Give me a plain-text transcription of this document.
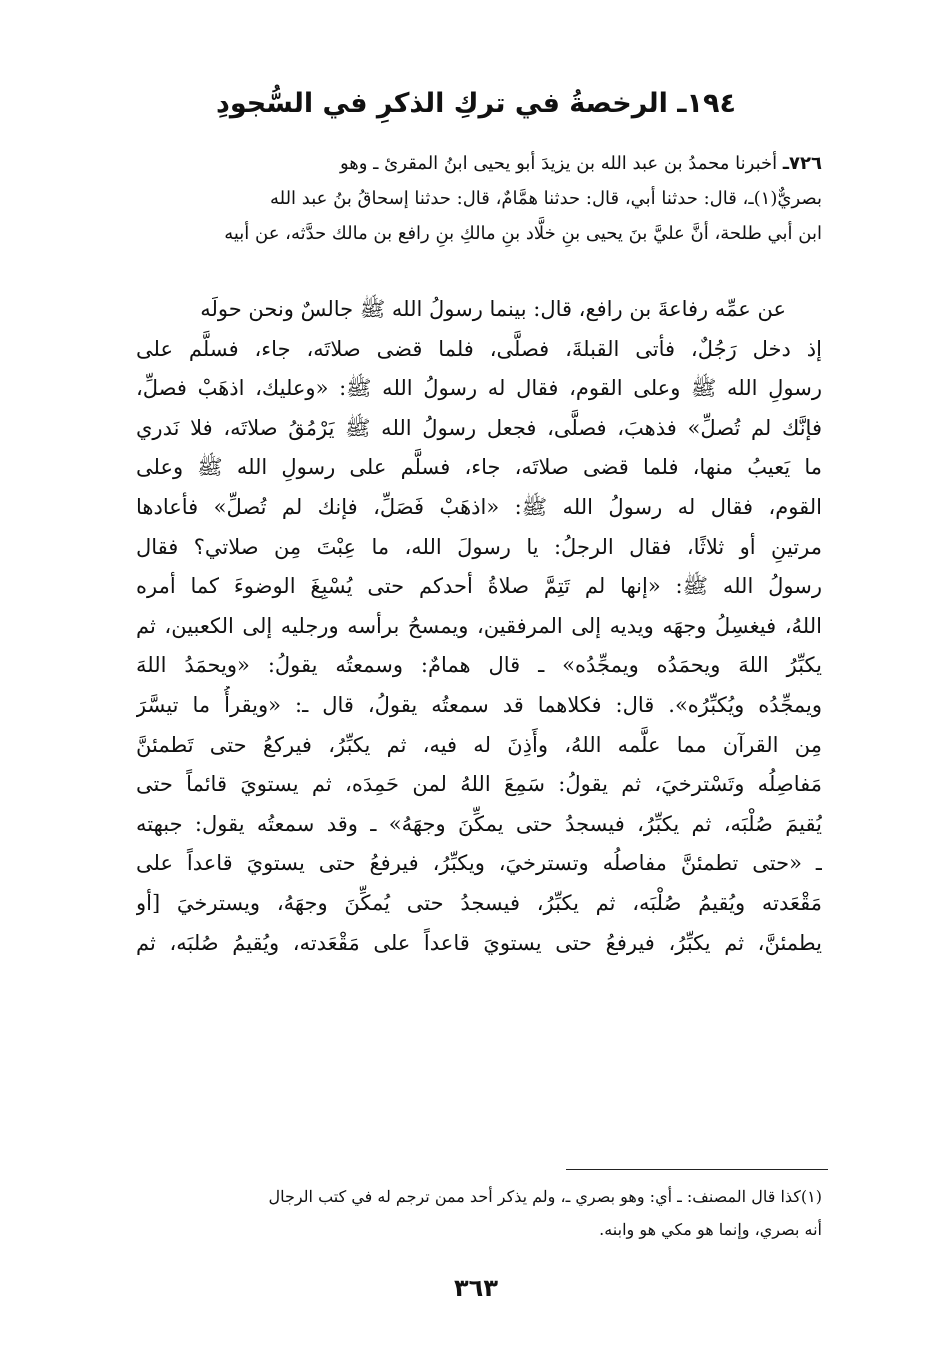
١٩٤ـ الرخصةُ في تركِ الذكرِ في السُّجودِ
٧٢٦ـ أخبرنا محمدُ بن عبد الله بن يزيدَ أبو يحيى ابنُ المقرئ ـ وهو
بصريٌّ(١)ـ، قال: حدثنا أبي، قال: حدثنا همَّامٌ، قال: حدثنا إسحاقُ بنُ عبد الله
ابن أبي طلحة، أنَّ عليَّ بنَ يحيى بنِ خلَّاد بنِ مالكِ بنِ رافع بن مالك حدَّثه، عن أبيه
عن عمِّه رفاعةَ بن رافع، قال: بينما رسولُ الله ﷺ جالسٌ ونحن حولَه
إذ دخل رَجُلٌ، فأتى القبلةَ، فصلَّى، فلما قضى صلاتَه، جاء، فسلَّم على
رسولِ الله ﷺ وعلى القوم، فقال له رسولُ الله ﷺ: «وعليك، اذهَبْ فصلِّ،
فإنَّك لم تُصلِّ» فذهبَ، فصلَّى، فجعل رسولُ الله ﷺ يَرْمُقُ صلاتَه، فلا نَدري
ما يَعيبُ منها، فلما قضى صلاتَه، جاء، فسلَّم على رسولِ الله ﷺ وعلى
القوم، فقال له رسولُ الله ﷺ: «اذهَبْ فَصَلِّ، فإنك لم تُصلِّ» فأعادها
مرتينِ أو ثلاثًا، فقال الرجلُ: يا رسولَ الله، ما عِبْتَ مِن صلاتي؟ فقال
رسولُ الله ﷺ: «إنها لم تَتِمَّ صلاةُ أحدكم حتى يُسْبِغَ الوضوءَ كما أمره
اللهُ، فيغسِلُ وجهَه ويديه إلى المرفقين، ويمسحُ برأسه ورجليه إلى الكعبين، ثم
يكبِّرُ اللهَ ويحمَدُه ويمجِّدُه» ـ قال همامٌ: وسمعتُه يقولُ: «ويحمَدُ اللهَ
ويمجِّدُه ويُكبِّرُه». قال: فكلاهما قد سمعتُه يقولُ، قال ـ: «ويقرأُ ما تيسَّرَ
مِن القرآن مما علَّمه اللهُ، وأَذِنَ له فيه، ثم يكبِّرُ، فيركعُ حتى تَطمئنَّ
مَفاصِلُه وتَسْترخيَ، ثم يقولُ: سَمِعَ اللهُ لمن حَمِدَه، ثم يستويَ قائماً حتى
يُقيمَ صُلْبَه، ثم يكبِّرُ، فيسجدُ حتى يمكِّنَ وجهَهُ» ـ وقد سمعتُه يقول: جبهته
ـ «حتى تطمئنَّ مفاصلُه وتسترخيَ، ويكبِّرُ، فيرفعُ حتى يستويَ قاعداً على
مَقْعَدته ويُقيمُ صُلْبَه، ثم يكبِّرُ، فيسجدُ حتى يُمكِّنَ وجهَهُ، ويسترخيَ [أو
يطمئنَّ، ثم يكبِّرُ، فيرفعُ حتى يستويَ قاعداً على مَقْعَدته، ويُقيمُ صُلبَه، ثم
(١)كذا قال المصنف: ـ أي: وهو بصري ـ، ولم يذكر أحد ممن ترجم له في كتب الرجال
أنه بصري، وإنما هو مكي هو وابنه.
٣٦٣
